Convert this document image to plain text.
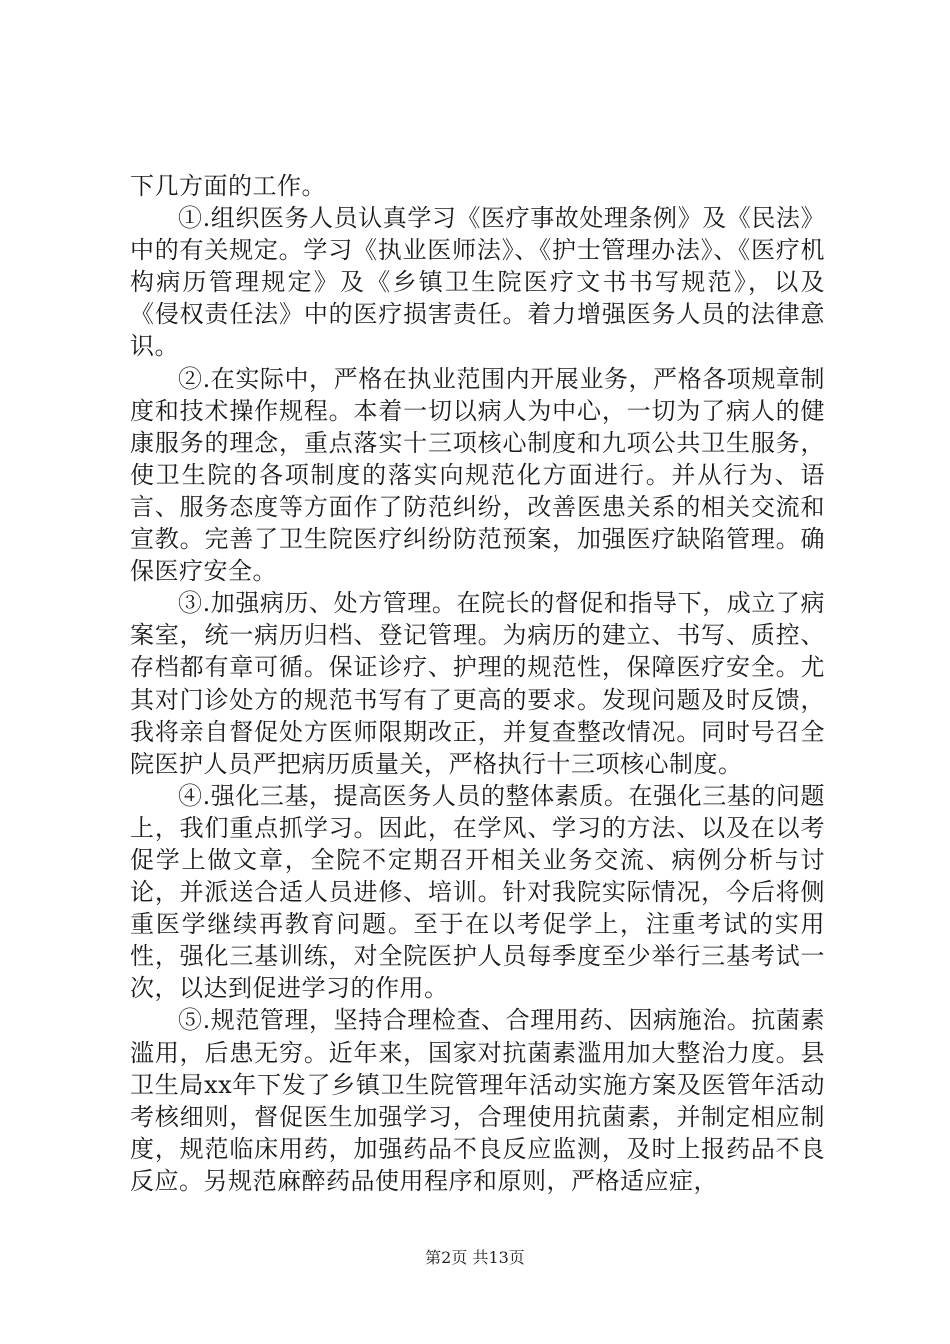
下几方面的工作。

①.组织医务人员认真学习《医疗事故处理条例》及《民法》中的有关规定。学习《执业医师法》、《护士管理办法》、《医疗机构病历管理规定》及《乡镇卫生院医疗文书书写规范》，以及《侵权责任法》中的医疗损害责任。着力增强医务人员的法律意识。

②.在实际中，严格在执业范围内开展业务，严格各项规章制度和技术操作规程。本着一切以病人为中心，一切为了病人的健康服务的理念，重点落实十三项核心制度和九项公共卫生服务，使卫生院的各项制度的落实向规范化方面进行。并从行为、语言、服务态度等方面作了防范纠纷，改善医患关系的相关交流和宣教。完善了卫生院医疗纠纷防范预案，加强医疗缺陷管理。确保医疗安全。

③.加强病历、处方管理。在院长的督促和指导下，成立了病案室，统一病历归档、登记管理。为病历的建立、书写、质控、存档都有章可循。保证诊疗、护理的规范性，保障医疗安全。尤其对门诊处方的规范书写有了更高的要求。发现问题及时反馈，我将亲自督促处方医师限期改正，并复查整改情况。同时号召全院医护人员严把病历质量关，严格执行十三项核心制度。

④.强化三基，提高医务人员的整体素质。在强化三基的问题上，我们重点抓学习。因此，在学风、学习的方法、以及在以考促学上做文章，全院不定期召开相关业务交流、病例分析与讨论，并派送合适人员进修、培训。针对我院实际情况，今后将侧重医学继续再教育问题。至于在以考促学上，注重考试的实用性，强化三基训练，对全院医护人员每季度至少举行三基考试一次，以达到促进学习的作用。

⑤.规范管理，坚持合理检查、合理用药、因病施治。抗菌素滥用，后患无穷。近年来，国家对抗菌素滥用加大整治力度。县卫生局xx年下发了乡镇卫生院管理年活动实施方案及医管年活动考核细则，督促医生加强学习，合理使用抗菌素，并制定相应制度，规范临床用药，加强药品不良反应监测，及时上报药品不良反应。另规范麻醉药品使用程序和原则，严格适应症，

第2页 共13页
